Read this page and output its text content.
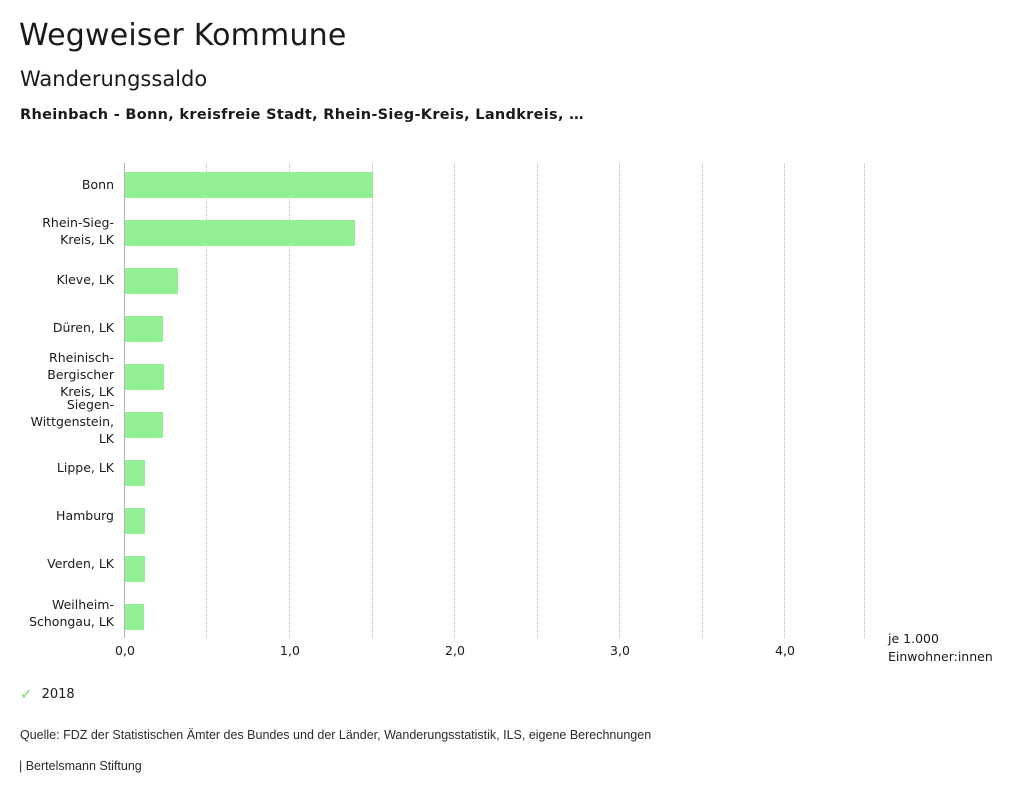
Wegweiser Kommune
Wanderungssaldo
Rheinbach - Bonn, kreisfreie Stadt, Rhein-Sieg-Kreis, Landkreis, …
Bonn
Rhein-Sieg-
Kreis, LK
Kleve, LK
Düren, LK
Rheinisch-
Bergischer
Kreis, LK
Siegen-
Wittgenstein,
LK
Lippe, LK
Hamburg
Verden, LK
Weilheim-
Schongau, LK
0,0	1,0	2,0	3,0	4,0
je 1.000
Einwohner:innen
✓ 2018
Quelle: FDZ der Statistischen Ämter des Bundes und der Länder, Wanderungsstatistik, ILS, eigene Berechnungen
| Bertelsmann Stiftung
